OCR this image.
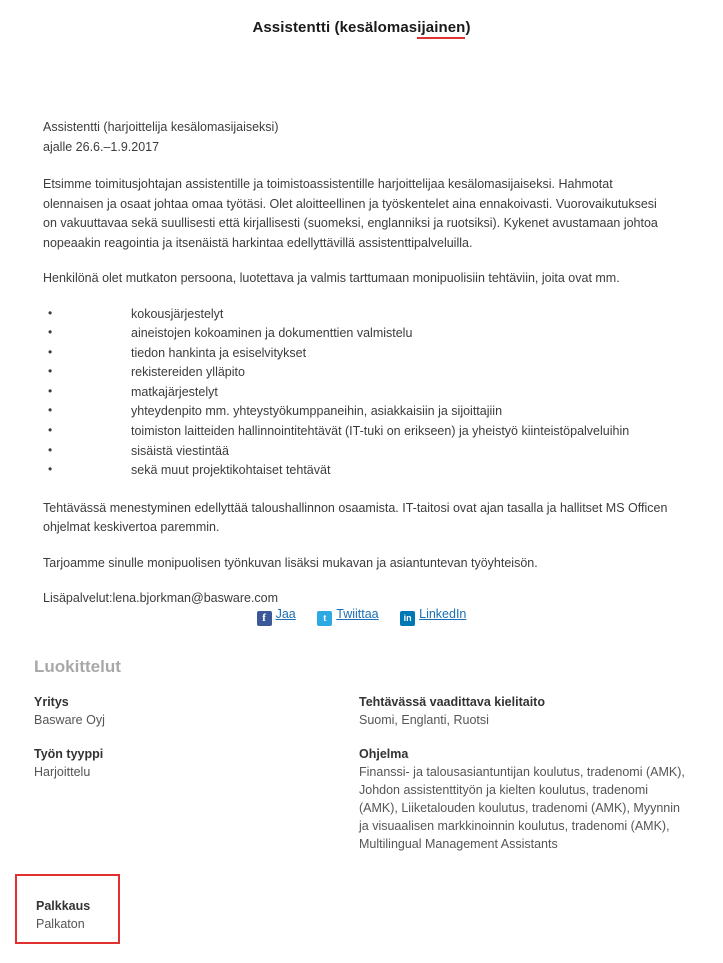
Assistentti (kesälomasijainen)
Assistentti (harjoittelija kesälomasijaiseksi)
ajalle 26.6.–1.9.2017

Etsimme toimitusjohtajan assistentille ja toimistoassistentille harjoittelijaa kesälomasijaiseksi. Hahmotat olennaisen ja osaat johtaa omaa työtäsi. Olet aloitteellinen ja työskentelet aina ennakoivasti. Vuorovaikutuksesi on vakuuttavaa sekä suullisesti että kirjallisesti (suomeksi, englanniksi ja ruotsiksi). Kykenet avustamaan johtoa nopeaakin reagointia ja itsenäistä harkintaa edellyttävillä assistenttipalveluilla.

Henkilönä olet mutkaton persoona, luotettava ja valmis tarttumaan monipuolisiin tehtäviin, joita ovat mm.

• kokousjärjestelyt
• aineistojen kokoaminen ja dokumenttien valmistelu
• tiedon hankinta ja esiselvitykset
• rekistereiden ylläpito
• matkajärjestelyt
• yhteydenpito mm. yhteystyökumppaneihin, asiakkaisiin ja sijoittajiin
• toimiston laitteiden hallinnointitehtävät (IT-tuki on erikseen) ja yheistyö kiinteistöpalveluihin
• sisäistä viestintää
• sekä muut projektikohtaiset tehtävät

Tehtävässä menestyminen edellyttää taloushallinnon osaamista. IT-taitosi ovat ajan tasalla ja hallitset MS Officen ohjelmat keskivertoa paremmin.

Tarjoamme sinulle monipuolisen työnkuvan lisäksi mukavan ja asiantuntevan työyhteisön.

Lisäpalvelut:lena.bjorkman@basware.com

f Jaa	t Twiittaa	in LinkedIn
Luokittelut
Yritys
Basware Oyj
Työn tyyppi
Harjoittelu
Tehtävässä vaadittava kielitaito
Suomi, Englanti, Ruotsi
Ohjelma
Finanssi- ja talousasiantuntijan koulutus, tradenomi (AMK), Johdon assistenttityön ja kielten koulutus, tradenomi (AMK), Liiketalouden koulutus, tradenomi (AMK), Myynnin ja visuaalisen markkinoinnin koulutus, tradenomi (AMK), Multilingual Management Assistants
Palkkaus
Palkaton
